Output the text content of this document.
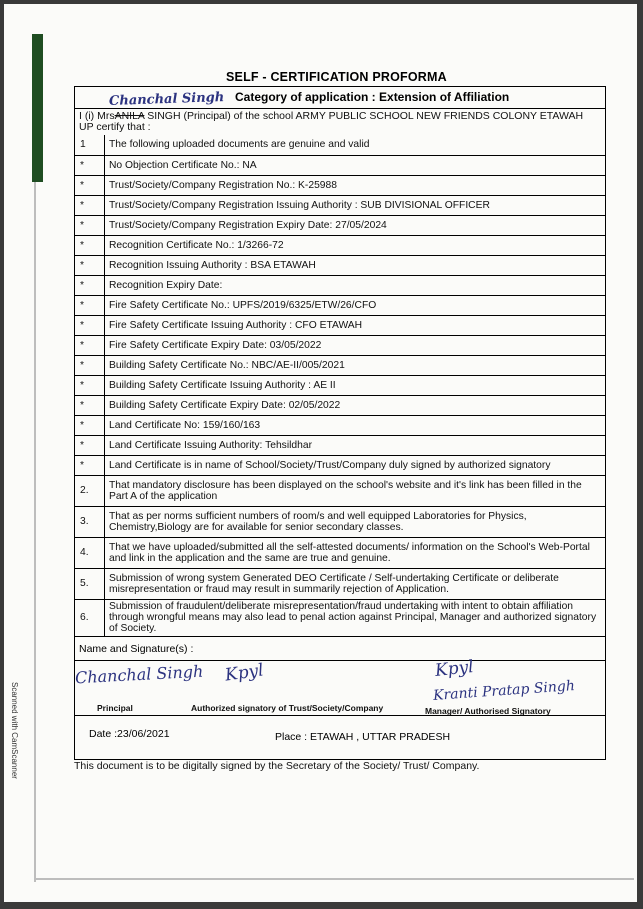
Scanned with CamScanner
SELF - CERTIFICATION PROFORMA
Chanchal Singh Category of application : Extension of Affiliation
I (i) MrsANILA SINGH (Principal) of the school ARMY PUBLIC SCHOOL NEW FRIENDS COLONY ETAWAH UP certify that :
1	The following uploaded documents are genuine and valid
*	No Objection Certificate No.: NA
*	Trust/Society/Company Registration No.: K-25988
*	Trust/Society/Company Registration Issuing Authority : SUB DIVISIONAL OFFICER
*	Trust/Society/Company Registration Expiry Date: 27/05/2024
*	Recognition Certificate No.: 1/3266-72
*	Recognition Issuing Authority : BSA ETAWAH
*	Recognition Expiry Date:
*	Fire Safety Certificate No.: UPFS/2019/6325/ETW/26/CFO
*	Fire Safety Certificate Issuing Authority : CFO ETAWAH
*	Fire Safety Certificate Expiry Date: 03/05/2022
*	Building Safety Certificate No.: NBC/AE-II/005/2021
*	Building Safety Certificate Issuing Authority : AE II
*	Building Safety Certificate Expiry Date: 02/05/2022
*	Land Certificate No: 159/160/163
*	Land Certificate Issuing Authority: Tehsildhar
*	Land Certificate is in name of School/Society/Trust/Company duly signed by authorized signatory
2.	That mandatory disclosure has been displayed on the school's website and it's link has been filled in the Part A of the application
3.	That as per norms sufficient numbers of room/s and well equipped Laboratories for Physics, Chemistry,Biology are for available for senior secondary classes.
4.	That we have uploaded/submitted all the self-attested documents/ information on the School's Web-Portal and link in the application and the same are true and genuine.
5.	Submission of wrong system Generated DEO Certificate / Self-undertaking Certificate or deliberate misrepresentation or fraud may result in summarily rejection of Application.
6.	Submission of fraudulent/deliberate misrepresentation/fraud undertaking with intent to obtain affiliation through wrongful means may also lead to penal action against Principal, Manager and authorized signatory of Society.
Name and Signature(s) :
Chanchal Singh
Principal
Kpyl
Authorized signatory of Trust/Society/Company
Kpyl
Kranti Pratap Singh
Manager/ Authorised Signatory
Date :23/06/2021	Place : ETAWAH , UTTAR PRADESH
This document is to be digitally signed by the Secretary of the Society/ Trust/ Company.
